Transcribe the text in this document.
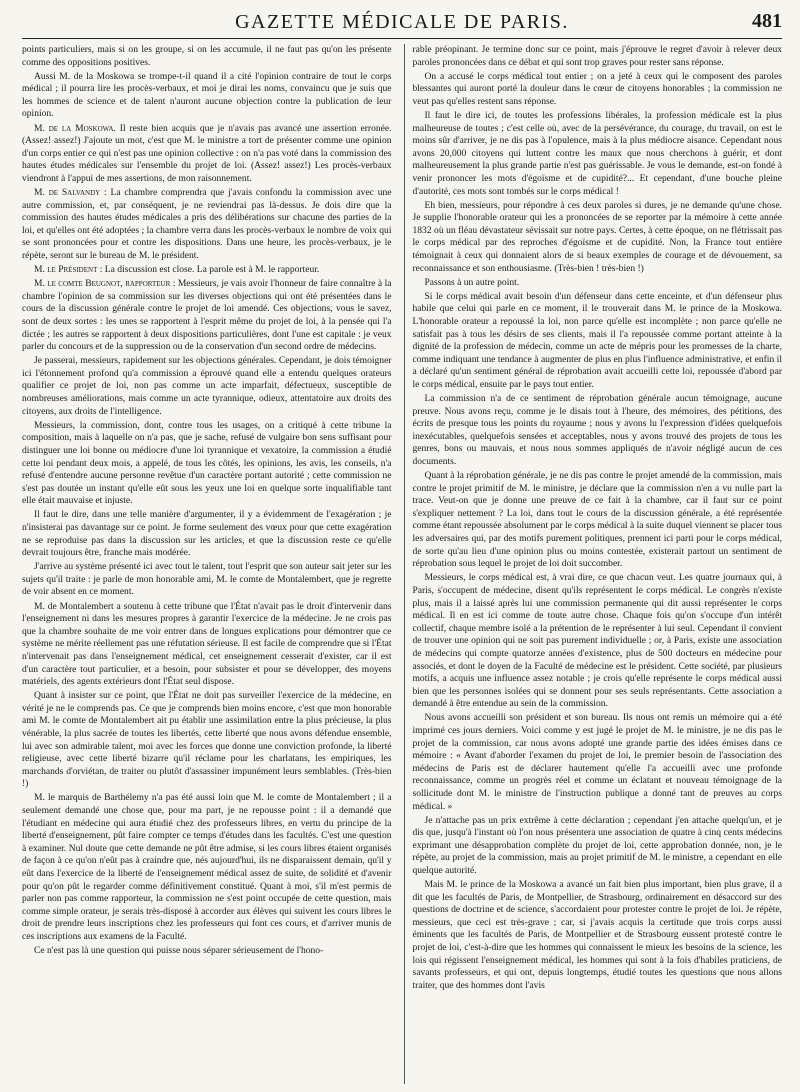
GAZETTE MÉDICALE DE PARIS.	481

points particuliers, mais si on les groupe, si on les accumule, il ne faut pas qu'on les présente comme des oppositions positives.

Aussi M. de la Moskowa se trompe-t-il quand il a cité l'opinion contraire de tout le corps médical ; il pourra lire les procès-verbaux, et moi je dirai les noms, convaincu que je suis que les hommes de science et de talent n'auront aucune objection contre la publication de leur opinion.

M. de la Moskowa. Il reste bien acquis que je n'avais pas avancé une assertion erronée. (Assez! assez!) J'ajoute un mot, c'est que M. le ministre a tort de présenter comme une opinion d'un corps entier ce qui n'est pas une opinion collective : on n'a pas voté dans la commission des hautes études médicales sur l'ensemble du projet de loi. (Assez! assez!) Les procès-verbaux viendront à l'appui de mes assertions, de mon raisonnement.

M. de Salvandy : La chambre comprendra que j'avais confondu la commission avec une autre commission, et, par conséquent, je ne reviendrai pas là-dessus. Je dois dire que la commission des hautes études médicales a pris des délibérations sur chacune des parties de la loi, et qu'elles ont été adoptées ; la chambre verra dans les procès-verbaux le nombre de voix qui se sont prononcées pour et contre les dispositions. Dans une heure, les procès-verbaux, je le répète, seront sur le bureau de M. le président.

M. le Président : La discussion est close. La parole est à M. le rapporteur.

M. le comte Beugnot, rapporteur : Messieurs, je vais avoir l'honneur de faire connaître à la chambre l'opinion de sa commission sur les diverses objections qui ont été présentées dans le cours de la discussion générale contre le projet de loi amendé. Ces objections, vous le savez, sont de deux sortes : les unes se rapportent à l'esprit même du projet de loi, à la pensée qui l'a dictée ; les autres se rapportent à deux dispositions particulières, dont l'une est capitale : je veux parler du concours et de la suppression ou de la conservation d'un second ordre de médecins.

Je passerai, messieurs, rapidement sur les objections générales. Cependant, je dois témoigner ici l'étonnement profond qu'a commission a éprouvé quand elle a entendu quelques orateurs qualifier ce projet de loi, non pas comme un acte imparfait, défectueux, susceptible de nombreuses améliorations, mais comme un acte tyrannique, odieux, attentatoire aux droits des citoyens, aux droits de l'intelligence.

Messieurs, la commission, dont, contre tous les usages, on a critiqué à cette tribune la composition, mais à laquelle on n'a pas, que je sache, refusé de vulgaire bon sens suffisant pour distinguer une loi bonne ou médiocre d'une loi tyrannique et vexatoire, la commission a étudié cette loi pendant deux mois, a appelé, de tous les côtés, les opinions, les avis, les conseils, n'a refusé d'entendre aucune personne revêtue d'un caractère portant autorité ; cette commission ne s'est pas doutée un instant qu'elle eût sous les yeux une loi en quelque sorte inqualifiable tant elle était mauvaise et injuste.

Il faut le dire, dans une telle manière d'argumenter, il y a évidemment de l'exagération ; je n'insisterai pas davantage sur ce point. Je forme seulement des vœux pour que cette exagération ne se reproduise pas dans la discussion sur les articles, et que la discussion reste ce qu'elle devrait toujours être, franche mais modérée.

J'arrive au système présenté ici avec tout le talent, tout l'esprit que son auteur sait jeter sur les sujets qu'il traite : je parle de mon honorable ami, M. le comte de Montalembert, que je regrette de voir absent en ce moment.

M. de Montalembert a soutenu à cette tribune que l'État n'avait pas le droit d'intervenir dans l'enseignement ni dans les mesures propres à garantir l'exercice de la médecine. Je ne crois pas que la chambre souhaite de me voir entrer dans de longues explications pour démontrer que ce système ne mérite réellement pas une réfutation sérieuse. Il est facile de comprendre que si l'État n'intervenait pas dans l'enseignement médical, cet enseignement cesserait d'exister, car il est d'un caractère tout particulier, et a besoin, pour subsister et pour se développer, des moyens matériels, des agents extérieurs dont l'État seul dispose.

Quant à insister sur ce point, que l'État ne doit pas surveiller l'exercice de la médecine, en vérité je ne le comprends pas. Ce que je comprends bien moins encore, c'est que mon honorable ami M. le comte de Montalembert ait pu établir une assimilation entre la plus précieuse, la plus vénérable, la plus sacrée de toutes les libertés, cette liberté que nous avons défendue ensemble, lui avec son admirable talent, moi avec les forces que donne une conviction profonde, la liberté religieuse, avec cette liberté bizarre qu'il réclame pour les charlatans, les empiriques, les marchands d'orviétan, de traiter ou plutôt d'assassiner impunément leurs semblables. (Très-bien !)

M. le marquis de Barthélemy n'a pas été aussi loin que M. le comte de Montalembert ; il a seulement demandé une chose que, pour ma part, je ne repousse point : il a demandé que l'étudiant en médecine qui aura étudié chez des professeurs libres, en vertu du principe de la liberté d'enseignement, pût faire compter ce temps d'études dans les facultés. C'est une question à examiner. Nul doute que cette demande ne pût être admise, si les cours libres étaient organisés de façon à ce qu'on n'eût pas à craindre que, nés aujourd'hui, ils ne disparaissent demain, qu'il y eût dans l'exercice de la liberté de l'enseignement médical assez de suite, de solidité et d'avenir pour qu'on pût le regarder comme définitivement constitué. Quant à moi, s'il m'est permis de parler non pas comme rapporteur, la commission ne s'est point occupée de cette question, mais comme simple orateur, je serais très-disposé à accorder aux élèves qui suivent les cours libres le droit de prendre leurs inscriptions chez les professeurs qui font ces cours, et d'arriver munis de ces inscriptions aux examens de la Faculté.

Ce n'est pas là une question qui puisse nous séparer sérieusement de l'hono-

rable préopinant. Je termine donc sur ce point, mais j'éprouve le regret d'avoir à relever deux paroles prononcées dans ce débat et qui sont trop graves pour rester sans réponse.

On a accusé le corps médical tout entier ; on a jeté à ceux qui le composent des paroles blessantes qui auront porté la douleur dans le cœur de citoyens honorables ; la commission ne veut pas qu'elles restent sans réponse.

Il faut le dire ici, de toutes les professions libérales, la profession médicale est la plus malheureuse de toutes ; c'est celle où, avec de la persévérance, du courage, du travail, on est le moins sûr d'arriver, je ne dis pas à l'opulence, mais à la plus médiocre aisance. Cependant nous avons 20,000 citoyens qui luttent contre les maux que nous cherchons à guérir, et dont malheureusement la plus grande partie n'est pas guérissable. Je vous le demande, est-on fondé à venir prononcer les mots d'égoïsme et de cupidité?... Et cependant, d'une bouche pleine d'autorité, ces mots sont tombés sur le corps médical !

Eh bien, messieurs, pour répondre à ces deux paroles si dures, je ne demande qu'une chose. Je supplie l'honorable orateur qui les a prononcées de se reporter par la mémoire à cette année 1832 où un fléau dévastateur sévissait sur notre pays. Certes, à cette époque, on ne flétrissait pas le corps médical par des reproches d'égoïsme et de cupidité. Non, la France tout entière témoignait à ceux qui donnaient alors de si beaux exemples de courage et de dévouement, sa reconnaissance et son enthousiasme. (Très-bien ! très-bien !)

Passons à un autre point.

Si le corps médical avait besoin d'un défenseur dans cette enceinte, et d'un défenseur plus habile que celui qui parle en ce moment, il le trouverait dans M. le prince de la Moskowa. L'honorable orateur a repoussé la loi, non parce qu'elle est incomplète ; non parce qu'elle ne satisfait pas à tous les désirs de ses clients, mais il l'a repoussée comme portant atteinte à la dignité de la profession de médecin, comme un acte de mépris pour les promesses de la charte, comme indiquant une tendance à augmenter de plus en plus l'influence administrative, et enfin il a déclaré qu'un sentiment général de réprobation avait accueilli cette loi, repoussée d'abord par le corps médical, ensuite par le pays tout entier.

La commission n'a de ce sentiment de réprobation générale aucun témoignage, aucune preuve. Nous avons reçu, comme je le disais tout à l'heure, des mémoires, des pétitions, des écrits de presque tous les points du royaume ; nous y avons lu l'expression d'idées quelquefois inexécutables, quelquefois sensées et acceptables, nous y avons trouvé des projets de tous les genres, bons ou mauvais, et nous nous sommes appliqués de n'avoir négligé aucun de ces documents.

Quant à la réprobation générale, je ne dis pas contre le projet amendé de la commission, mais contre le projet primitif de M. le ministre, je déclare que la commission n'en a vu nulle part la trace. Veut-on que je donne une preuve de ce fait à la chambre, car il faut sur ce point s'expliquer nettement ? La loi, dans tout le cours de la discussion générale, a été représentée comme étant repoussée absolument par le corps médical à la suite duquel viennent se placer tous les adversaires qui, par des motifs purement politiques, prennent ici parti pour le corps médical, de sorte qu'au lieu d'une opinion plus ou moins contestée, existerait partout un sentiment de réprobation sous lequel le projet de loi doit succomber.

Messieurs, le corps médical est, à vrai dire, ce que chacun veut. Les quatre journaux qui, à Paris, s'occupent de médecine, disent qu'ils représentent le corps médical. Le congrès n'existe plus, mais il a laissé après lui une commission permanente qui dit aussi représenter le corps médical. Il en est ici comme de toute autre chose. Chaque fois qu'on s'occupe d'un intérêt collectif, chaque membre isolé a la prétention de le représenter à lui seul. Cependant il convient de trouver une opinion qui ne soit pas purement individuelle ; or, à Paris, existe une association de médecins qui compte quatorze années d'existence, plus de 500 docteurs en médecine pour associés, et dont le doyen de la Faculté de médecine est le président. Cette société, par plusieurs motifs, a acquis une influence assez notable ; je crois qu'elle représente le corps médical aussi bien que les personnes isolées qui se donnent pour ses seuls représentants. Cette association a demandé à être entendue au sein de la commission.

Nous avons accueilli son président et son bureau. Ils nous ont remis un mémoire qui a été imprimé ces jours derniers. Voici comme y est jugé le projet de M. le ministre, je ne dis pas le projet de la commission, car nous avons adopté une grande partie des idées émises dans ce mémoire : « Avant d'aborder l'examen du projet de loi, le premier besoin de l'association des médecins de Paris est de déclarer hautement qu'elle l'a accueilli avec une profonde reconnaissance, comme un progrès réel et comme un éclatant et nouveau témoignage de la sollicitude dont M. le ministre de l'instruction publique a donné tant de preuves au corps médical. »

Je n'attache pas un prix extrême à cette déclaration ; cependant j'en attache quelqu'un, et je dis que, jusqu'à l'instant où l'on nous présentera une association de quatre à cinq cents médecins exprimant une désapprobation complète du projet de loi, cette approbation donnée, non, je le répète, au projet de la commission, mais au projet primitif de M. le ministre, a cependant en elle quelque autorité.

Mais M. le prince de la Moskowa a avancé un fait bien plus important, bien plus grave, il a dit que les facultés de Paris, de Montpellier, de Strasbourg, ordinairement en désaccord sur des questions de doctrine et de science, s'accordaient pour protester contre le projet de loi. Je répète, messieurs, que ceci est très-grave ; car, si j'avais acquis la certitude que trois corps aussi éminents que les facultés de Paris, de Montpellier et de Strasbourg eussent protesté contre le projet de loi, c'est-à-dire que les hommes qui connaissent le mieux les besoins de la science, les lois qui régissent l'enseignement médical, les hommes qui sont à la fois d'habiles praticiens, de savants professeurs, et qui ont, depuis longtemps, étudié toutes les questions que nous allons traiter, que des hommes dont l'avis
